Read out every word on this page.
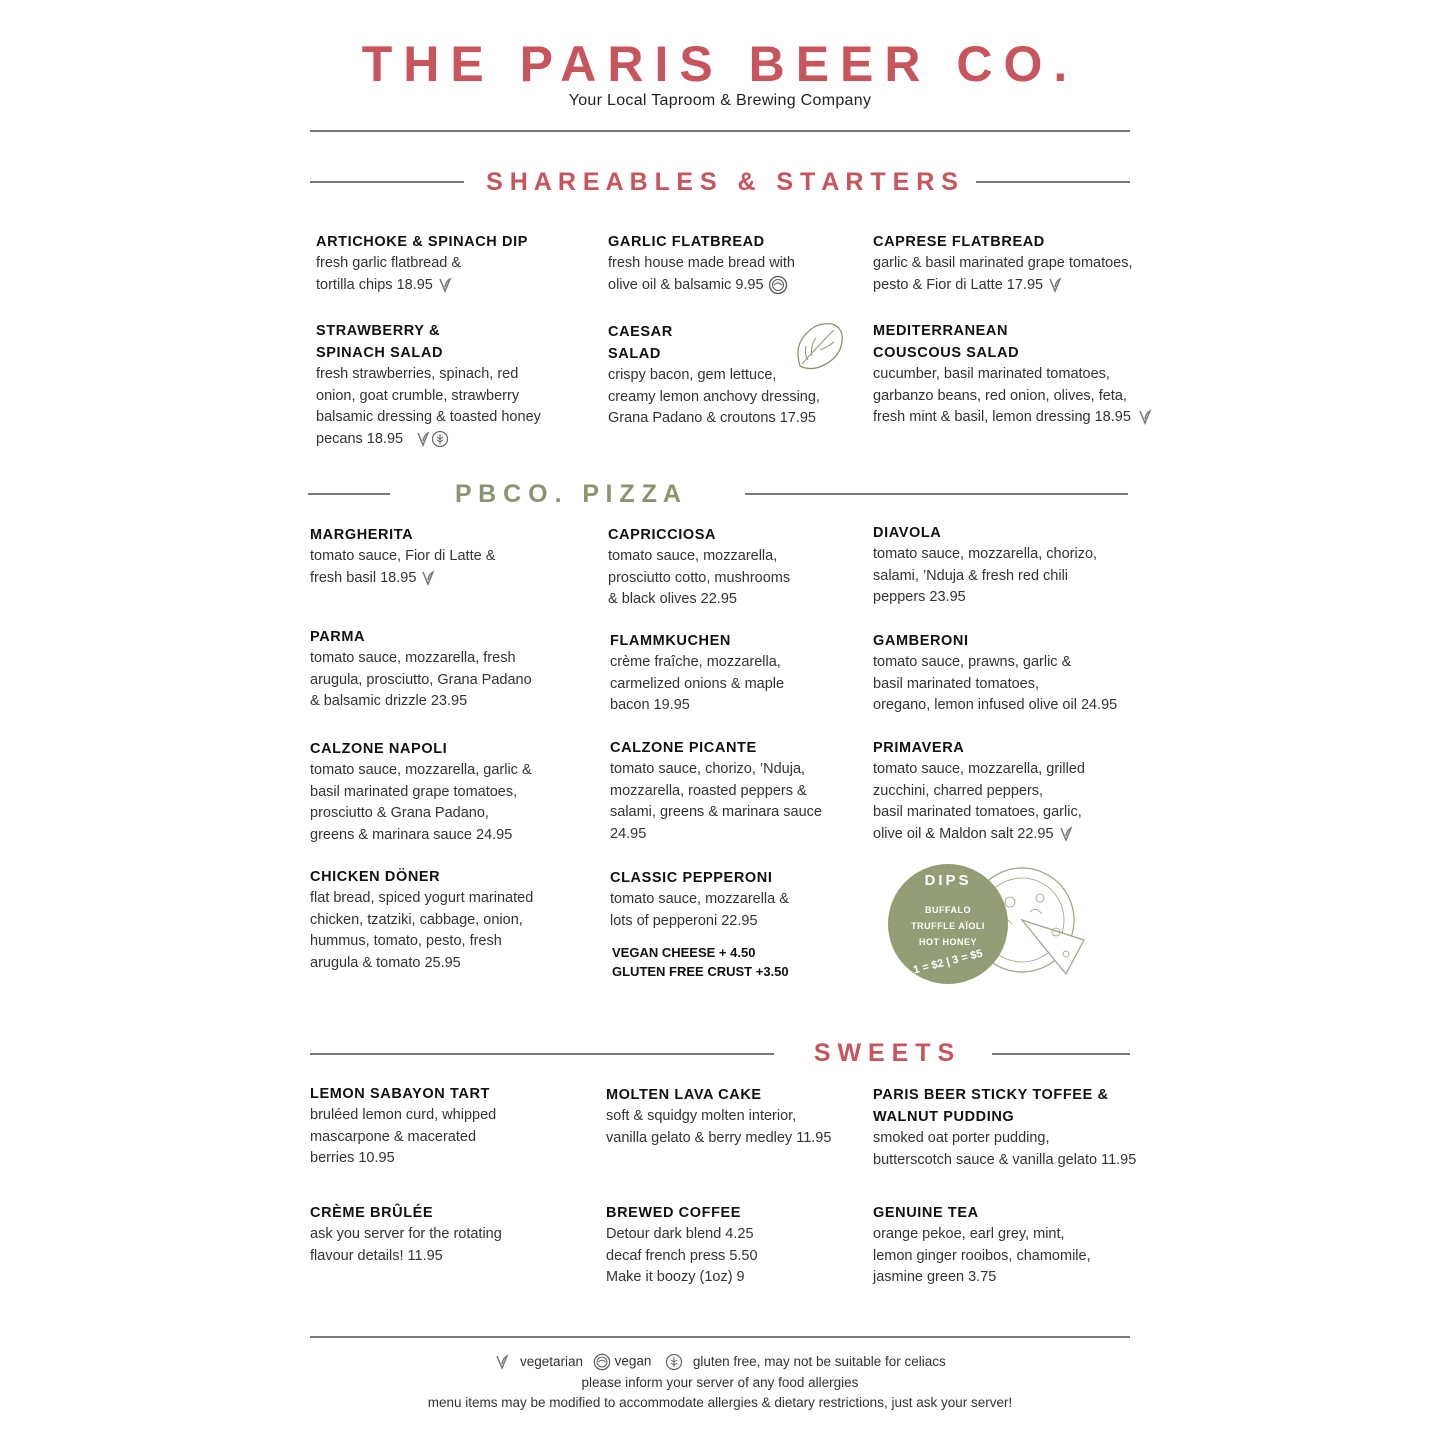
THE PARIS BEER CO.
Your Local Taproom & Brewing Company
S H A R E A B L E S   &   S T A R T E R S
ARTICHOKE & SPINACH DIP

fresh garlic flatbread &

tortilla chips 18.95

GARLIC FLATBREAD

fresh house made bread with

olive oil & balsamic 9.95

CAPRESE FLATBREAD

garlic & basil marinated grape tomatoes,

pesto & Fior di Latte 17.95

STRAWBERRY &
SPINACH SALAD

fresh strawberries, spinach, red

onion, goat crumble, strawberry

balsamic dressing & toasted honey

pecans 18.95

CAESAR
SALAD

crispy bacon, gem lettuce,

creamy lemon anchovy dressing,

Grana Padano & croutons 17.95

MEDITERRANEAN
COUSCOUS SALAD

cucumber, basil marinated tomatoes,

garbanzo beans, red onion, olives, feta,

fresh mint & basil, lemon dressing 18.95

P B C O .   P I Z Z A
MARGHERITA

tomato sauce, Fior di Latte &

fresh basil 18.95

CAPRICCIOSA

tomato sauce, mozzarella,

prosciutto cotto, mushrooms

& black olives 22.95

DIAVOLA

tomato sauce, mozzarella, chorizo,

salami, ’Nduja & fresh red chili

peppers 23.95

PARMA

tomato sauce, mozzarella, fresh

arugula, prosciutto, Grana Padano

& balsamic drizzle 23.95

FLAMMKUCHEN

crème fraîche, mozzarella,

carmelized onions & maple

bacon 19.95

GAMBERONI

tomato sauce, prawns, garlic &

basil marinated tomatoes,

oregano, lemon infused olive oil 24.95

CALZONE NAPOLI

tomato sauce, mozzarella, garlic &

basil marinated grape tomatoes,

prosciutto & Grana Padano,

greens & marinara sauce 24.95

CALZONE PICANTE

tomato sauce, chorizo, ’Nduja,

mozzarella, roasted peppers &

salami, greens & marinara sauce

24.95

PRIMAVERA

tomato sauce, mozzarella, grilled

zucchini, charred peppers,

basil marinated tomatoes, garlic,

olive oil & Maldon salt 22.95

CHICKEN DÖNER

flat bread, spiced yogurt marinated

chicken, tzatziki, cabbage, onion,

hummus, tomato, pesto, fresh

arugula & tomato 25.95

CLASSIC PEPPERONI

tomato sauce, mozzarella &

lots of pepperoni 22.95

VEGAN CHEESE + 4.50
GLUTEN FREE CRUST +3.50
DIPS
BUFFALO
TRUFFLE AÏOLI
HOT HONEY
1 = $2 | 3 = $5
S W E E T S
LEMON SABAYON TART

bruléed lemon curd, whipped

mascarpone & macerated

berries 10.95

MOLTEN LAVA CAKE

soft & squidgy molten interior,

vanilla gelato & berry medley 11.95

PARIS BEER STICKY TOFFEE &
WALNUT PUDDING

smoked oat porter pudding,

butterscotch sauce & vanilla gelato 11.95

CRÈME BRÛLÉE

ask you server for the rotating

flavour details! 11.95

BREWED COFFEE

Detour dark blend 4.25

decaf french press 5.50

Make it boozy (1oz) 9

GENUINE TEA

orange pekoe, earl grey, mint,

lemon ginger rooibos, chamomile,

jasmine green 3.75

vegetarian vegan	gluten free, may not be suitable for celiacs
please inform your server of any food allergies
menu items may be modified to accommodate allergies & dietary restrictions, just ask your server!
